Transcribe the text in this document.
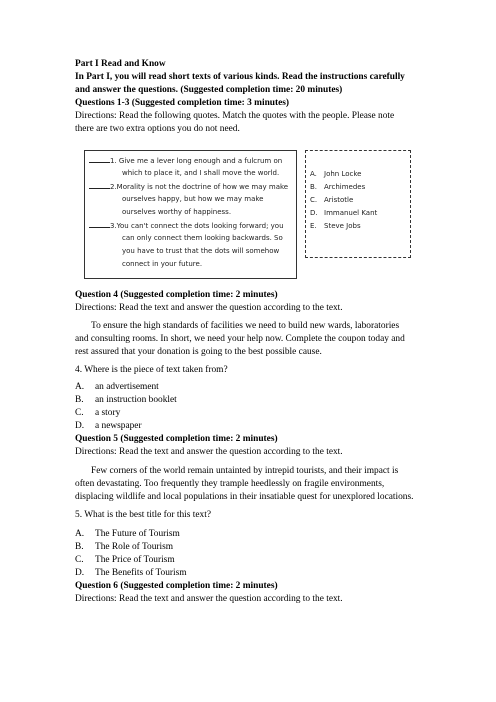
Part I Read and Know
In Part I, you will read short texts of various kinds. Read the instructions carefully
and answer the questions. (Suggested completion time: 20 minutes)
Questions 1-3 (Suggested completion time: 3 minutes)
Directions: Read the following quotes. Match the quotes with the people. Please note
there are two extra options you do not need.
1. Give me a lever long enough and a fulcrum on
which to place it, and I shall move the world.
2.Morality is not the doctrine of how we may make
ourselves happy, but how we may make
ourselves worthy of happiness.
3.You can't connect the dots looking forward; you
can only connect them looking backwards. So
you have to trust that the dots will somehow
connect in your future.
A. John Locke
B. Archimedes
C. Aristotle
D. Immanuel Kant
E. Steve Jobs
Question 4 (Suggested completion time: 2 minutes)
Directions: Read the text and answer the question according to the text.
To ensure the high standards of facilities we need to build new wards, laboratories
and consulting rooms. In short, we need your help now. Complete the coupon today and
rest assured that your donation is going to the best possible cause.
4. Where is the piece of text taken from?
A. an advertisement
B. an instruction booklet
C. a story
D. a newspaper
Question 5 (Suggested completion time: 2 minutes)
Directions: Read the text and answer the question according to the text.
Few corners of the world remain untainted by intrepid tourists, and their impact is
often devastating. Too frequently they trample heedlessly on fragile environments,
displacing wildlife and local populations in their insatiable quest for unexplored locations.
5. What is the best title for this text?
A. The Future of Tourism
B. The Role of Tourism
C. The Price of Tourism
D. The Benefits of Tourism
Question 6 (Suggested completion time: 2 minutes)
Directions: Read the text and answer the question according to the text.
